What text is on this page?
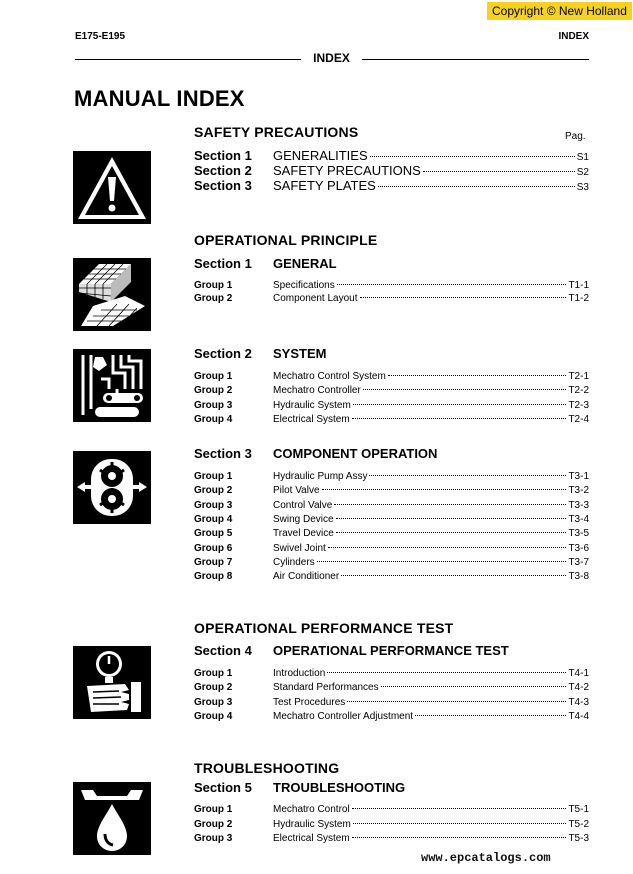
Copyright © New Holland
E175-E195	INDEX
INDEX
MANUAL INDEX
Pag.
SAFETY PRECAUTIONS
Section 1	GENERALITIES	S1
Section 2	SAFETY PRECAUTIONS	S2
Section 3	SAFETY PLATES	S3
OPERATIONAL PRINCIPLE
Section 1 GENERAL
Group 1	Specifications	T1-1
Group 2	Component Layout	T1-2
Section 2 SYSTEM
Group 1	Mechatro Control System	T2-1
Group 2	Mechatro Controller	T2-2
Group 3	Hydraulic System	T2-3
Group 4	Electrical System	T2-4
Section 3 COMPONENT OPERATION
Group 1	Hydraulic Pump Assy	T3-1
Group 2	Pilot Valve	T3-2
Group 3	Control Valve	T3-3
Group 4	Swing Device	T3-4
Group 5	Travel Device	T3-5
Group 6	Swivel Joint	T3-6
Group 7	Cylinders	T3-7
Group 8	Air Conditioner	T3-8
OPERATIONAL PERFORMANCE TEST
Section 4 OPERATIONAL PERFORMANCE TEST
Group 1	Introduction	T4-1
Group 2	Standard Performances	T4-2
Group 3	Test Procedures	T4-3
Group 4	Mechatro Controller Adjustment	T4-4
TROUBLESHOOTING
Section 5 TROUBLESHOOTING
Group 1	Mechatro Control	T5-1
Group 2	Hydraulic System	T5-2
Group 3	Electrical System	T5-3
www.epcatalogs.com
